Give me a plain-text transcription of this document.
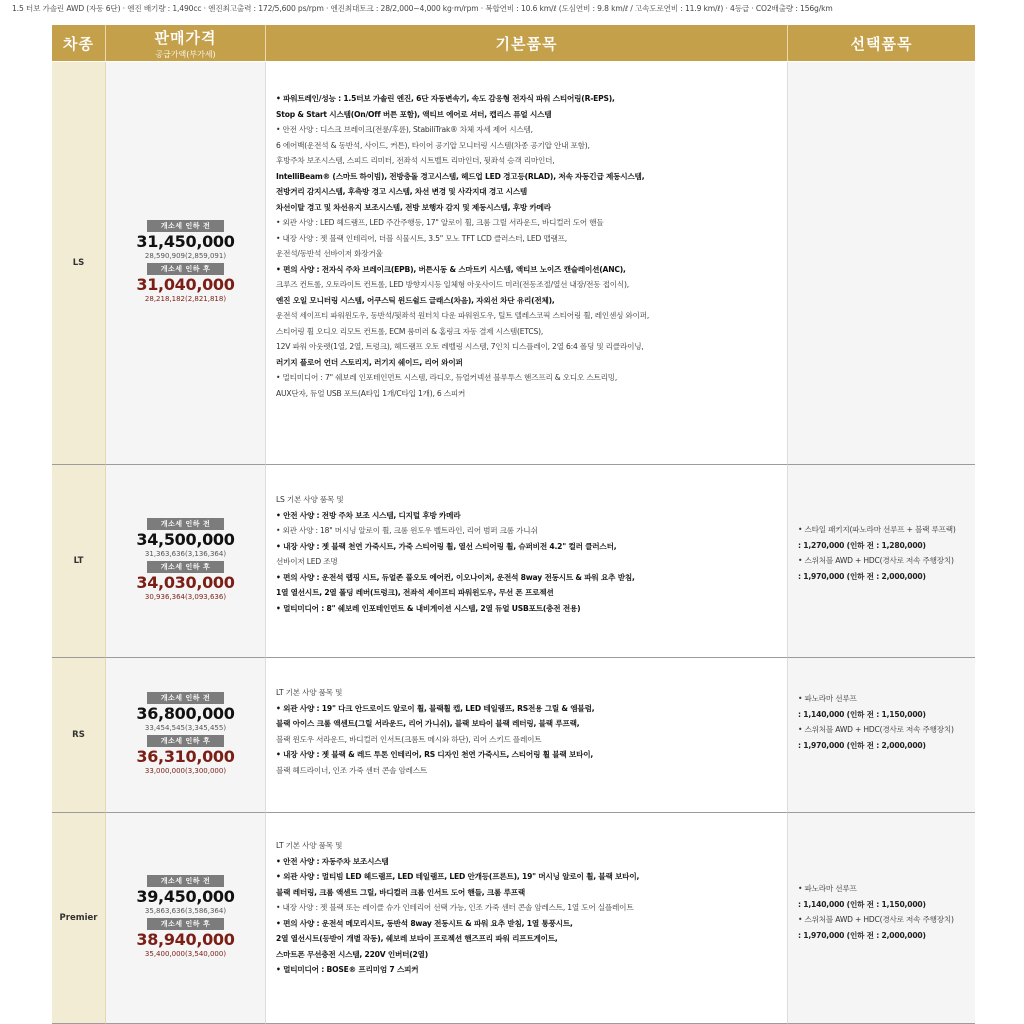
1.5 터보 가솔린 AWD (자동 6단) · 엔진 배기량 : 1,490cc · 엔진최고출력 : 172/5,600 ps/rpm · 엔진최대토크 : 28/2,000~4,000 kg·m/rpm · 복합연비 : 10.6 km/ℓ (도심연비 : 9.8 km/ℓ / 고속도로연비 : 11.9 km/ℓ) · 4등급 · CO2배출량 : 156g/km
차종	판매가격
공급가액(부가세)
기본품목	선택품목
LS
개소세 인하 전
31,450,000
28,590,909(2,859,091)
개소세 인하 후
31,040,000
28,218,182(2,821,818)
• 파워트레인/성능 : 1.5터보 가솔린 엔진, 6단 자동변속기, 속도 감응형 전자식 파워 스티어링(R-EPS),
Stop & Start 시스템(On/Off 버튼 포함), 액티브 에어로 셔터, 캡리스 퓨얼 시스템
• 안전 사양 : 디스크 브레이크(전륜/후륜), StabiliTrak® 차체 자세 제어 시스템,
6 에어백(운전석 & 동반석, 사이드, 커튼), 타이어 공기압 모니터링 시스템(차종 공기압 안내 포함),
후방주차 보조시스템, 스피드 리미터, 전좌석 시트벨트 리마인더, 뒷좌석 승객 리마인더,
IntelliBeam® (스마트 하이빔), 전방충돌 경고시스템, 헤드업 LED 경고등(RLAD), 저속 자동긴급 제동시스템,
전방거리 감지시스템, 후측방 경고 시스템, 차선 변경 및 사각지대 경고 시스템
차선이탈 경고 및 차선유지 보조시스템, 전방 보행자 감지 및 제동시스템, 후방 카메라
• 외관 사양 : LED 헤드램프, LED 주간주행등, 17" 알로이 휠, 크롬 그릴 서라운드, 바디컬러 도어 핸들
• 내장 사양 : 젯 블랙 인테리어, 더블 식물시트, 3.5" 모노 TFT LCD 클러스터, LED 맵램프,
운전석/동반석 선바이저 화장거울
• 편의 사양 : 전자식 주차 브레이크(EPB), 버튼시동 & 스마트키 시스템, 액티브 노이즈 캔슬레이션(ANC),
크루즈 컨트롤, 오토라이트 컨트롤, LED 방향지시등 일체형 아웃사이드 미러(전동조절/열선 내장/전동 접이식),
엔진 오일 모니터링 시스템, 어쿠스틱 윈드쉴드 글래스(차음), 자외선 차단 유리(전체),
운전석 세이프티 파워윈도우, 동반석/뒷좌석 원터치 다운 파워윈도우, 틸트 텔레스코픽 스티어링 휠, 레인센싱 와이퍼,
스티어링 휠 오디오 리모트 컨트롤, ECM 룸미러 & 홈링크 자동 결제 시스템(ETCS),
12V 파워 아웃렛(1열, 2열, 트렁크), 헤드램프 오토 레벨링 시스템, 7인치 디스플레이, 2열 6:4 폴딩 및 리클라이닝,
러기지 플로어 언더 스토리지, 러기지 쉐이드, 리어 와이퍼
• 멀티미디어 : 7" 쉐보레 인포테인먼트 시스템, 라디오, 듀얼커넥션 블루투스 핸즈프리 & 오디오 스트리밍,
AUX단자, 듀얼 USB 포트(A타입 1개/C타입 1개), 6 스피커
LT
개소세 인하 전
34,500,000
31,363,636(3,136,364)
개소세 인하 후
34,030,000
30,936,364(3,093,636)
LS 기본 사양 품목 및
• 안전 사양 : 전방 주차 보조 시스템, 디지털 후방 카메라
• 외관 사양 : 18" 머시닝 알로이 휠, 크롬 윈도우 벨트라인, 리어 범퍼 크롬 가니쉬
• 내장 사양 : 젯 블랙 천연 가죽시트, 가죽 스티어링 휠, 열선 스티어링 휠, 슈퍼비전 4.2" 컬러 클러스터,
선바이저 LED 조명
• 편의 사양 : 운전석 랩핑 시트, 듀얼존 풀오토 에어컨, 이오나이저, 운전석 8way 전동시트 & 파워 요추 받침,
1열 열선시트, 2열 폴딩 레버(트렁크), 전좌석 세이프티 파워윈도우, 무선 폰 프로젝션
• 멀티미디어 : 8" 쉐보레 인포테인먼트 & 내비게이션 시스템, 2열 듀얼 USB포트(충전 전용)
• 스타일 패키지(파노라마 선루프 + 블랙 루프랙)
: 1,270,000 (인하 전 : 1,280,000)
• 스위처블 AWD + HDC(경사로 저속 주행장치)
: 1,970,000 (인하 전 : 2,000,000)
RS
개소세 인하 전
36,800,000
33,454,545(3,345,455)
개소세 인하 후
36,310,000
33,000,000(3,300,000)
LT 기본 사양 품목 및
• 외관 사양 : 19" 다크 안드로이드 알로이 휠, 블랙휠 캡, LED 테일램프, RS전용 그릴 & 엠블럼,
블랙 아이스 크롬 액센트(그릴 서라운드, 리어 가니쉬), 블랙 보타이 블랙 레터링, 블랙 루프랙,
블랙 윈도우 서라운드, 바디컬러 인서트(크롬트 메시와 하단), 리어 스키드 플레이트
• 내장 사양 : 젯 블랙 & 레드 투톤 인테리어, RS 디자인 천연 가죽시트, 스티어링 휠 블랙 보타이,
블랙 헤드라이너, 인조 가죽 센터 콘솔 암레스트
• 파노라마 선루프
: 1,140,000 (인하 전 : 1,150,000)
• 스위처블 AWD + HDC(경사로 저속 주행장치)
: 1,970,000 (인하 전 : 2,000,000)
Premier
개소세 인하 전
39,450,000
35,863,636(3,586,364)
개소세 인하 후
38,940,000
35,400,000(3,540,000)
LT 기본 사양 품목 및
• 안전 사양 : 자동주차 보조시스템
• 외관 사양 : 멀티빔 LED 헤드램프, LED 테일램프, LED 안개등(프론트), 19" 머시닝 알로이 휠, 블랙 보타이,
블랙 레터링, 크롬 액센트 그릴, 바디컬러 크롬 인서트 도어 핸들, 크롬 루프랙
• 내장 사양 : 젯 블랙 또는 레이클 슈가 인테리어 선택 가능, 인조 가죽 센터 콘솔 암레스트, 1열 도어 실플레이트
• 편의 사양 : 운전석 메모리시트, 동반석 8way 전동시트 & 파워 요추 받침, 1열 통풍시트,
2열 열선시트(등받이 개별 작동), 쉐보레 보타이 프로젝션 핸즈프리 파워 리프트게이트,
스마트폰 무선충전 시스템, 220V 인버터(2열)
• 멀티미디어 : BOSE® 프리미엄 7 스피커
• 파노라마 선루프
: 1,140,000 (인하 전 : 1,150,000)
• 스위처블 AWD + HDC(경사로 저속 주행장치)
: 1,970,000 (인하 전 : 2,000,000)
